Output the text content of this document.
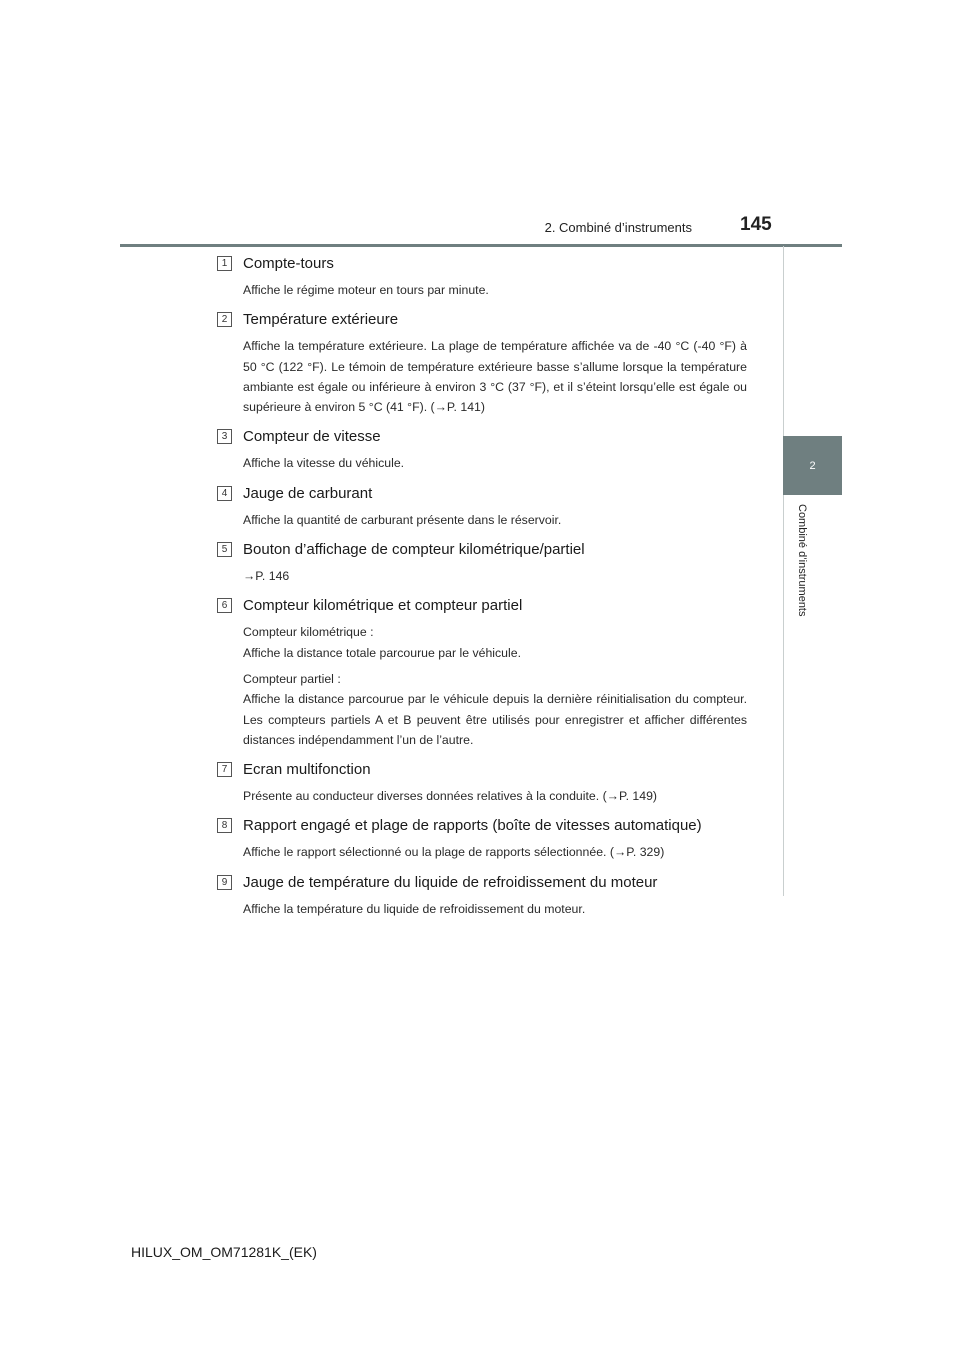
2. Combiné d’instruments	145
2
Combiné d’instruments
1	Compte-tours
Affiche le régime moteur en tours par minute.
2	Température extérieure
Affiche la température extérieure. La plage de température affichée va de -40 °C (-40 °F) à 50 °C (122 °F). Le témoin de température extérieure basse s’allume lorsque la température ambiante est égale ou inférieure à environ 3 °C (37 °F), et il s’éteint lorsqu’elle est égale ou supérieure à environ 5 °C (41 °F). (→P. 141)
3	Compteur de vitesse
Affiche la vitesse du véhicule.
4	Jauge de carburant
Affiche la quantité de carburant présente dans le réservoir.
5	Bouton d’affichage de compteur kilométrique/partiel
→P. 146
6	Compteur kilométrique et compteur partiel
Compteur kilométrique :
Affiche la distance totale parcourue par le véhicule.
Compteur partiel :
Affiche la distance parcourue par le véhicule depuis la dernière réinitialisation du compteur. Les compteurs partiels A et B peuvent être utilisés pour enregistrer et afficher différentes distances indépendamment l’un de l’autre.
7	Ecran multifonction
Présente au conducteur diverses données relatives à la conduite. (→P. 149)
8	Rapport engagé et plage de rapports (boîte de vitesses automatique)
Affiche le rapport sélectionné ou la plage de rapports sélectionnée. (→P. 329)
9	Jauge de température du liquide de refroidissement du moteur
Affiche la température du liquide de refroidissement du moteur.
HILUX_OM_OM71281K_(EK)
